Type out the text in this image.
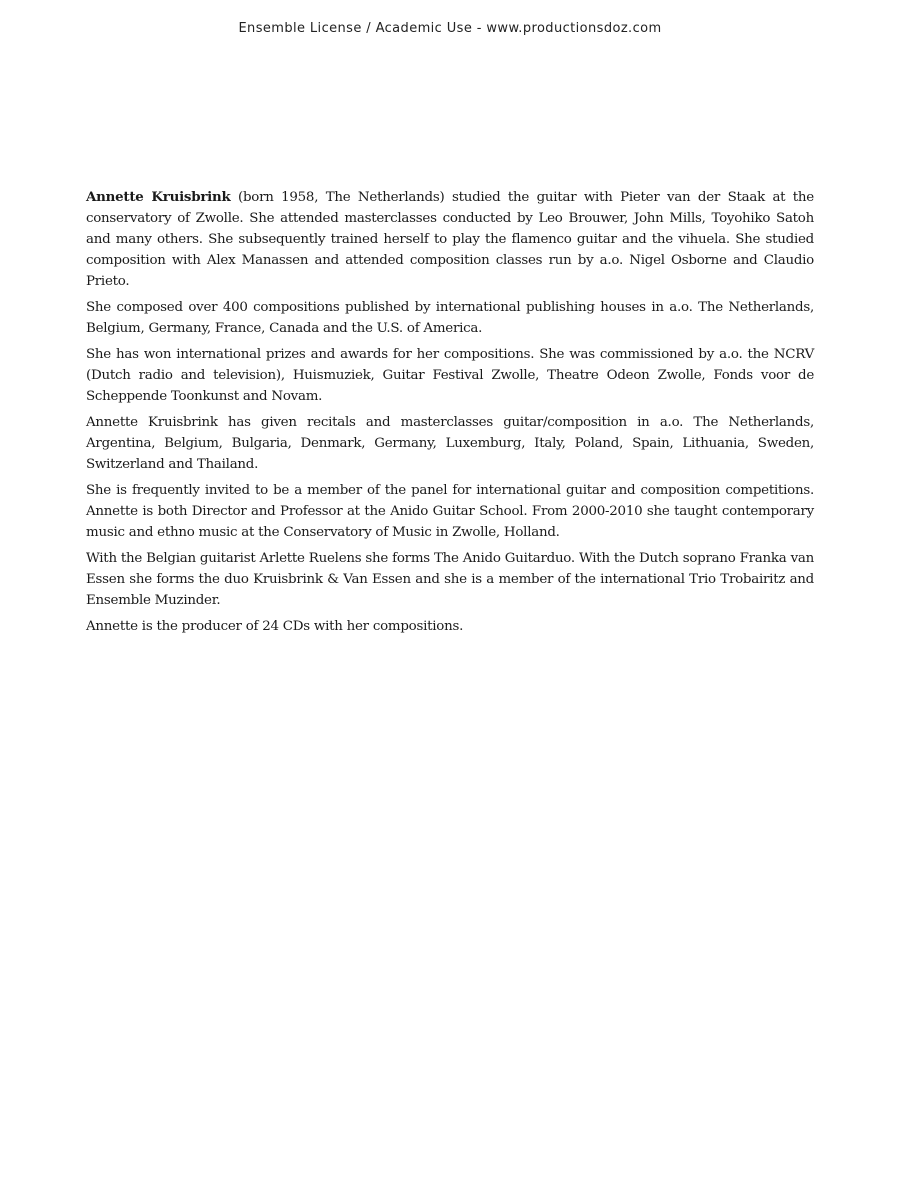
Ensemble License / Academic Use - www.productionsdoz.com

Annette Kruisbrink (born 1958, The Netherlands) studied the guitar with Pieter van der Staak at the conservatory of Zwolle. She attended masterclasses conducted by Leo Brouwer, John Mills, Toyohiko Satoh and many others. She subsequently trained herself to play the flamenco guitar and the vihuela. She studied composition with Alex Manassen and attended composition classes run by a.o. Nigel Osborne and Claudio Prieto.

She composed over 400 compositions published by international publishing houses in a.o. The Netherlands, Belgium, Germany, France, Canada and the U.S. of America.

She has won international prizes and awards for her compositions. She was commissioned by a.o. the NCRV (Dutch radio and television), Huismuziek, Guitar Festival Zwolle, Theatre Odeon Zwolle, Fonds voor de Scheppende Toonkunst and Novam.

Annette Kruisbrink has given recitals and masterclasses guitar/composition in a.o. The Netherlands, Argentina, Belgium, Bulgaria, Denmark, Germany, Luxemburg, Italy, Poland, Spain, Lithuania, Sweden, Switzerland and Thailand.

She is frequently invited to be a member of the panel for international guitar and composition competitions. Annette is both Director and Professor at the Anido Guitar School. From 2000-2010 she taught contemporary music and ethno music at the Conservatory of Music in Zwolle, Holland.

With the Belgian guitarist Arlette Ruelens she forms The Anido Guitarduo. With the Dutch soprano Franka van Essen she forms the duo Kruisbrink & Van Essen and she is a member of the international Trio Trobairitz and Ensemble Muzinder.

Annette is the producer of 24 CDs with her compositions.
